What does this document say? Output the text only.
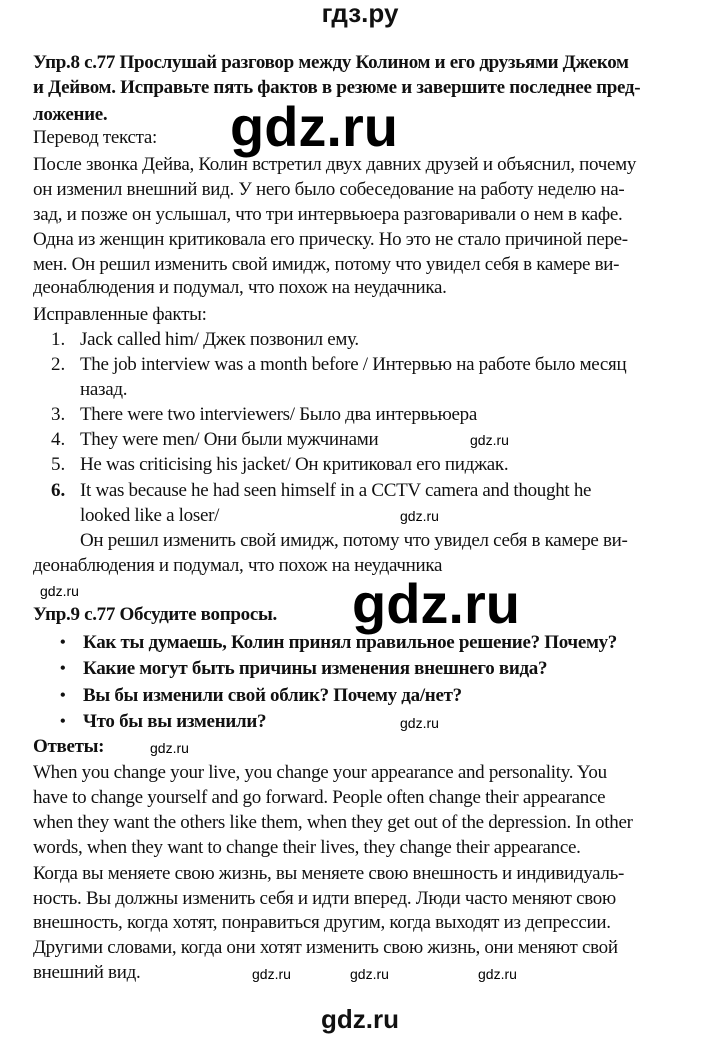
гдз.ру
Упр.8 с.77 Прослушай разговор между Колином и его друзьями Джеком
и Дейвом. Исправьте пять фактов в резюме и завершите последнее пред-
ложение.
Перевод текста:
После звонка Дейва, Колин встретил двух давних друзей и объяснил, почему
он изменил внешний вид. У него было собеседование на работу неделю на-
зад, и позже он услышал, что три интервьюера разговаривали о нем в кафе.
Одна из женщин критиковала его прическу. Но это не стало причиной пере-
мен. Он решил изменить свой имидж, потому что увидел себя в камере ви-
деонаблюдения и подумал, что похож на неудачника.
Исправленные факты:
1. Jack called him/ Джек позвонил ему.
2. The job interview was a month before / Интервью на работе было месяц
назад.
3. There were two interviewers/ Было два интервьюера
4. They were men/ Они были мужчинами
5. He was criticising his jacket/ Он критиковал его пиджак.
6. It was because he had seen himself in a CCTV camera and thought he
looked like a loser/
Он решил изменить свой имидж, потому что увидел себя в камере ви-
деонаблюдения и подумал, что похож на неудачника
Упр.9 с.77 Обсудите вопросы.
• Как ты думаешь, Колин принял правильное решение? Почему?
• Какие могут быть причины изменения внешнего вида?
• Вы бы изменили свой облик? Почему да/нет?
• Что бы вы изменили?
Ответы:
When you change your live, you change your appearance and personality. You
have to change yourself and go forward. People often change their appearance
when they want the others like them, when they get out of the depression. In other
words, when they want to change their lives, they change their appearance.
Когда вы меняете свою жизнь, вы меняете свою внешность и индивидуаль-
ность. Вы должны изменить себя и идти вперед. Люди часто меняют свою
внешность, когда хотят, понравиться другим, когда выходят из депрессии.
Другими словами, когда они хотят изменить свою жизнь, они меняют свой
внешний вид.
gdz.ru
gdz.ru
gdz.ru
gdz.ru
gdz.ru
gdz.ru
gdz.ru
gdz.ru	gdz.ru	gdz.ru
gdz.ru
